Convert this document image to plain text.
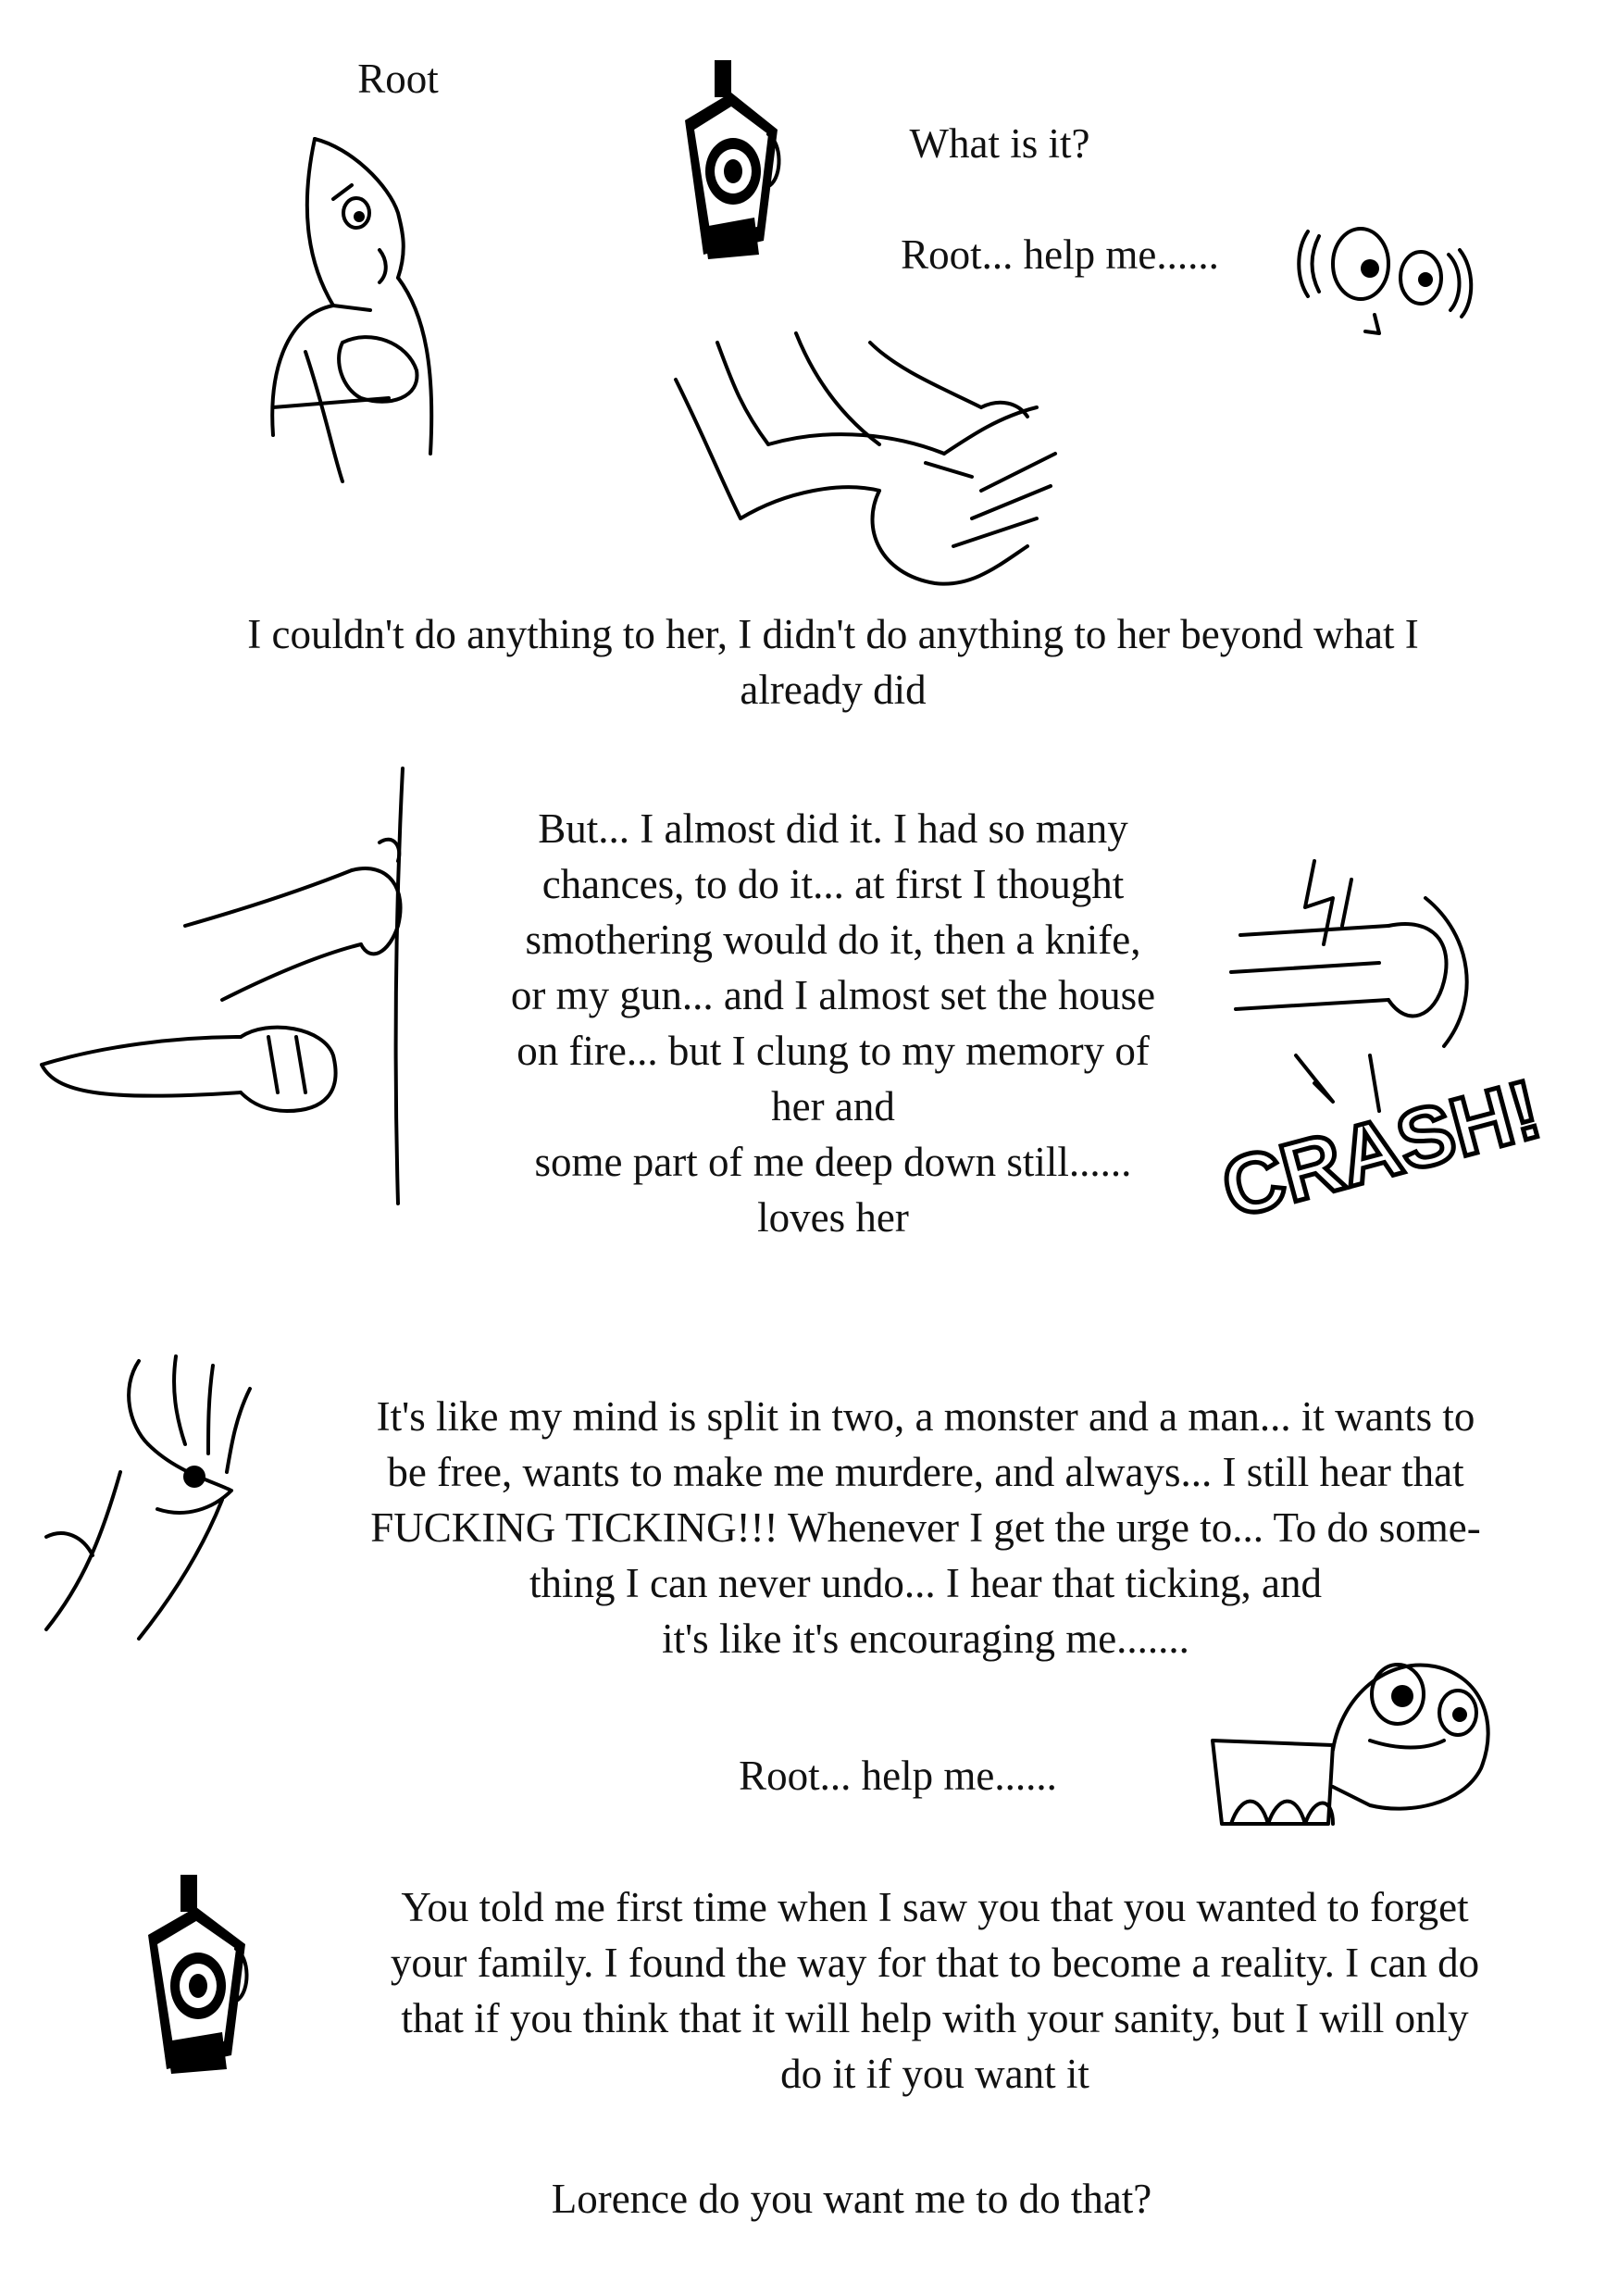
Root
What is it?
Root... help me......
I couldn't do anything to her, I didn't do anything to her beyond what I
already did
But... I almost did it. I had so many
chances, to do it... at first I thought
smothering would do it, then a knife,
or my gun... and I almost set the house
on fire... but I clung to my memory of
her and
some part of me deep down still......
loves her	CRASH!
It's like my mind is split in two, a monster and a man... it wants to
be free, wants to make me murdere, and always... I still hear that
FUCKING TICKING!!! Whenever I get the urge to... To do some-
thing I can never undo... I hear that ticking, and
it's like it's encouraging me.......
Root... help me......
You told me first time when I saw you that you wanted to forget
your family. I found the way for that to become a reality. I can do
that if you think that it will help with your sanity, but I will only
do it if you want it
Lorence do you want me to do that?
